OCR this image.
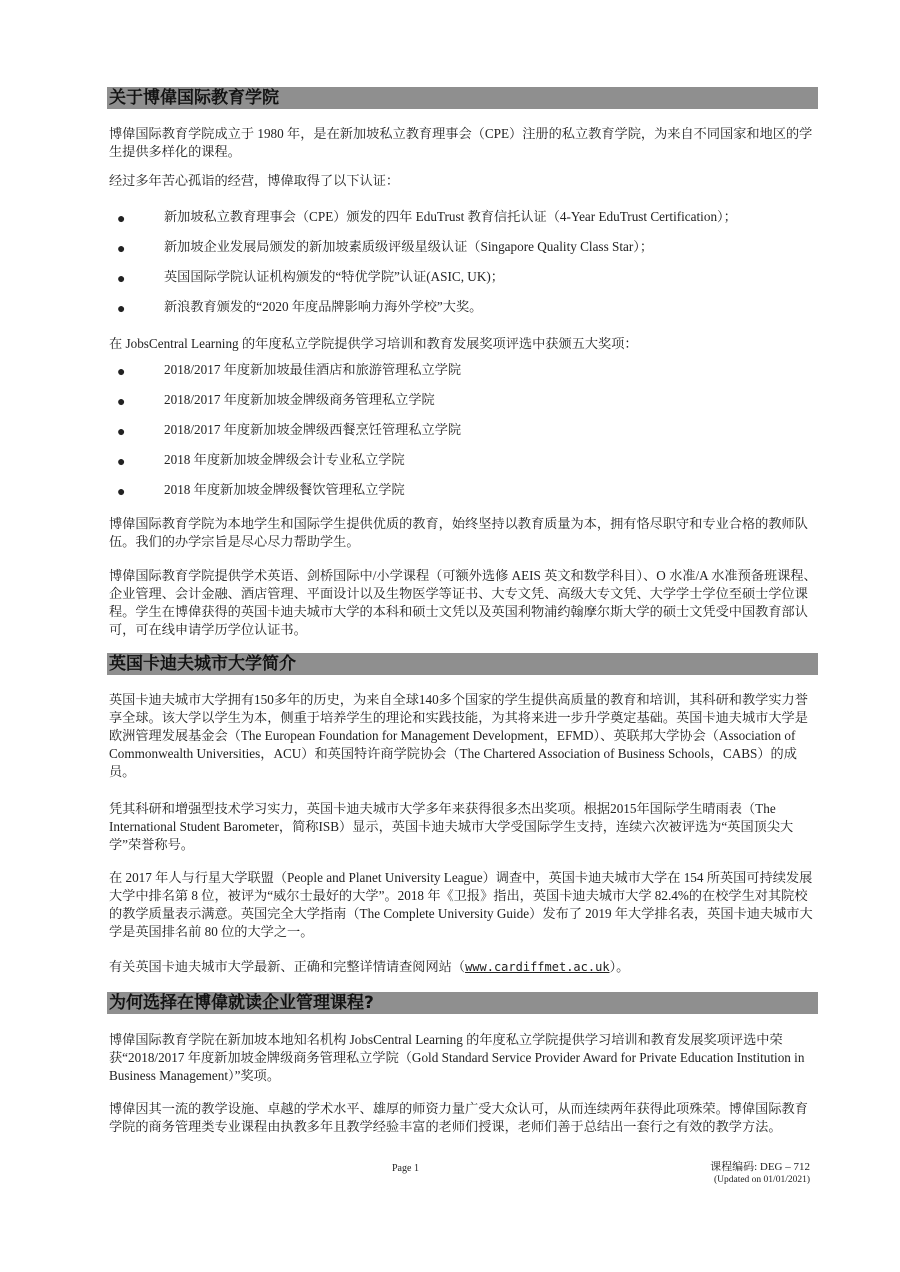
关于博偉国际教育学院

博偉国际教育学院成立于 1980 年，是在新加坡私立教育理事会（CPE）注册的私立教育学院，为来自不同国家和地区的学生提供多样化的课程。

经过多年苦心孤诣的经营，博偉取得了以下认证：

●	新加坡私立教育理事会（CPE）颁发的四年 EduTrust 教育信托认证（4-Year EduTrust Certification）；
●	新加坡企业发展局颁发的新加坡素质级评级星级认证（Singapore Quality Class Star）；
●	英国国际学院认证机构颁发的“特优学院”认证(ASIC, UK)；
●	新浪教育颁发的“2020 年度品牌影响力海外学校”大奖。

在 JobsCentral Learning 的年度私立学院提供学习培训和教育发展奖项评选中获颁五大奖项：

●	2018/2017 年度新加坡最佳酒店和旅游管理私立学院
●	2018/2017 年度新加坡金牌级商务管理私立学院
●	2018/2017 年度新加坡金牌级西餐烹饪管理私立学院
●	2018 年度新加坡金牌级会计专业私立学院
●	2018 年度新加坡金牌级餐饮管理私立学院

博偉国际教育学院为本地学生和国际学生提供优质的教育，始终坚持以教育质量为本，拥有恪尽职守和专业合格的教师队伍。我们的办学宗旨是尽心尽力帮助学生。

博偉国际教育学院提供学术英语、剑桥国际中/小学课程（可额外选修 AEIS 英文和数学科目）、O 水准/A 水准预备班课程、企业管理、会计金融、酒店管理、平面设计以及生物医学等证书、大专文凭、高级大专文凭、大学学士学位至硕士学位课程。学生在博偉获得的英国卡迪夫城市大学的本科和硕士文凭以及英国利物浦约翰摩尔斯大学的硕士文凭受中国教育部认可，可在线申请学历学位认证书。

英国卡迪夫城市大学简介

英国卡迪夫城市大学拥有150多年的历史，为来自全球140多个国家的学生提供高质量的教育和培训，其科研和教学实力誉享全球。该大学以学生为本，侧重于培养学生的理论和实践技能，为其将来进一步升学奠定基础。英国卡迪夫城市大学是欧洲管理发展基金会（The European Foundation for Management Development，EFMD）、英联邦大学协会（Association of Commonwealth Universities，ACU）和英国特许商学院协会（The Chartered Association of Business Schools，CABS）的成员。

凭其科研和增强型技术学习实力，英国卡迪夫城市大学多年来获得很多杰出奖项。根据2015年国际学生晴雨表（The International Student Barometer，简称ISB）显示，英国卡迪夫城市大学受国际学生支持，连续六次被评选为“英国顶尖大学”荣誉称号。

在 2017 年人与行星大学联盟（People and Planet University League）调查中，英国卡迪夫城市大学在 154 所英国可持续发展大学中排名第 8 位，被评为“威尔士最好的大学”。2018 年《卫报》指出，英国卡迪夫城市大学 82.4%的在校学生对其院校的教学质量表示满意。英国完全大学指南（The Complete University Guide）发布了 2019 年大学排名表，英国卡迪夫城市大学是英国排名前 80 位的大学之一。

有关英国卡迪夫城市大学最新、正确和完整详情请查阅网站（www.cardiffmet.ac.uk）。

为何选择在博偉就读企业管理课程?

博偉国际教育学院在新加坡本地知名机构 JobsCentral Learning 的年度私立学院提供学习培训和教育发展奖项评选中荣获“2018/2017 年度新加坡金牌级商务管理私立学院（Gold Standard Service Provider Award for Private Education Institution in Business Management）”奖项。

博偉因其一流的教学设施、卓越的学术水平、雄厚的师资力量广受大众认可，从而连续两年获得此项殊荣。博偉国际教育学院的商务管理类专业课程由执教多年且教学经验丰富的老师们授课，老师们善于总结出一套行之有效的教学方法。

Page 1	课程编码: DEG – 712
(Updated on 01/01/2021)
